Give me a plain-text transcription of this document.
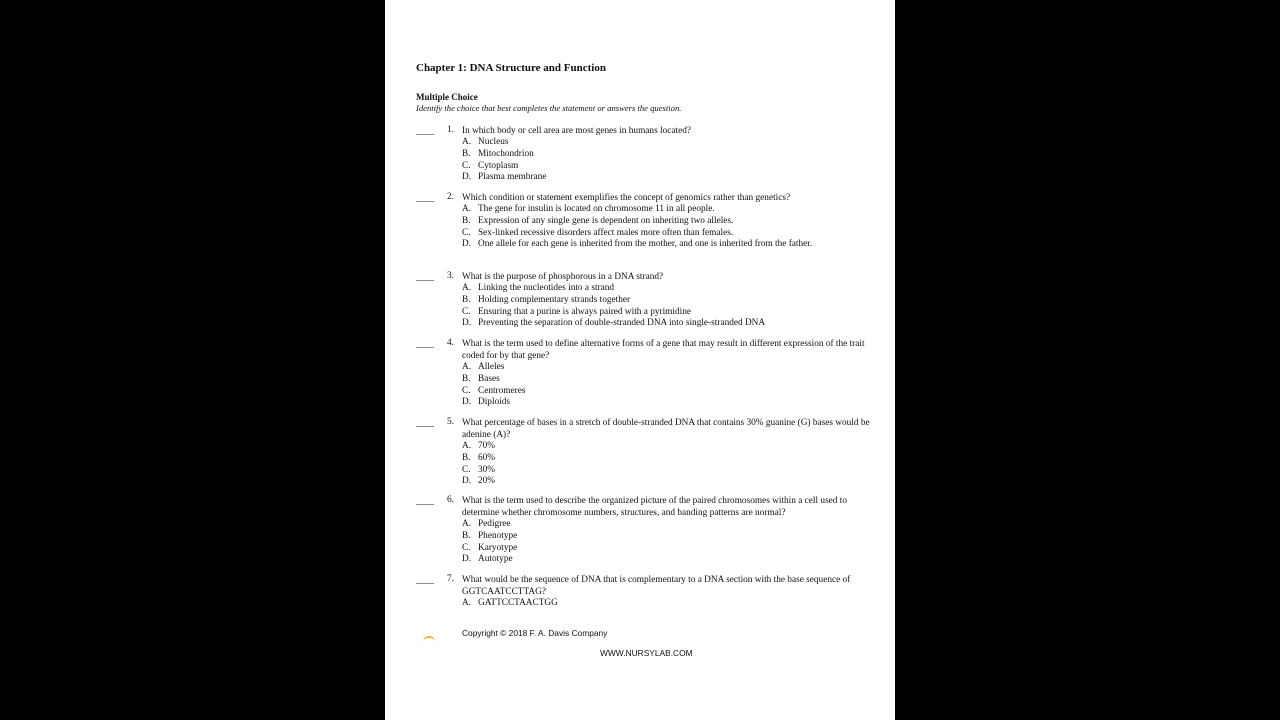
Chapter 1: DNA Structure and Function
Multiple Choice
Identify the choice that best completes the statement or answers the question.
____	1. In which body or cell area are most genes in humans located?
A. Nucleus
B. Mitochondrion
C. Cytoplasm
D. Plasma membrane
____	2. Which condition or statement exemplifies the concept of genomics rather than genetics?
A. The gene for insulin is located on chromosome 11 in all people.
B. Expression of any single gene is dependent on inheriting two alleles.
C. Sex-linked recessive disorders affect males more often than females.
D. One allele for each gene is inherited from the mother, and one is inherited from the father.
____	3. What is the purpose of phosphorous in a DNA strand?
A. Linking the nucleotides into a strand
B. Holding complementary strands together
C. Ensuring that a purine is always paired with a pyrimidine
D. Preventing the separation of double-stranded DNA into single-stranded DNA
____	4. What is the term used to define alternative forms of a gene that may result in different expression of the trait coded for by that gene?
A. Alleles
B. Bases
C. Centromeres
D. Diploids
____	5. What percentage of bases in a stretch of double-stranded DNA that contains 30% guanine (G) bases would be adenine (A)?
A. 70%
B. 60%
C. 30%
D. 20%
____	6. What is the term used to describe the organized picture of the paired chromosomes within a cell used to determine whether chromosome numbers, structures, and banding patterns are normal?
A. Pedigree
B. Phenotype
C. Karyotype
D. Autotype
____	7. What would be the sequence of DNA that is complementary to a DNA section with the base sequence of GGTCAATCCTTAG?
A. GATTCCTAACTGG
Copyright © 2018 F. A. Davis Company
WWW.NURSYLAB.COM
